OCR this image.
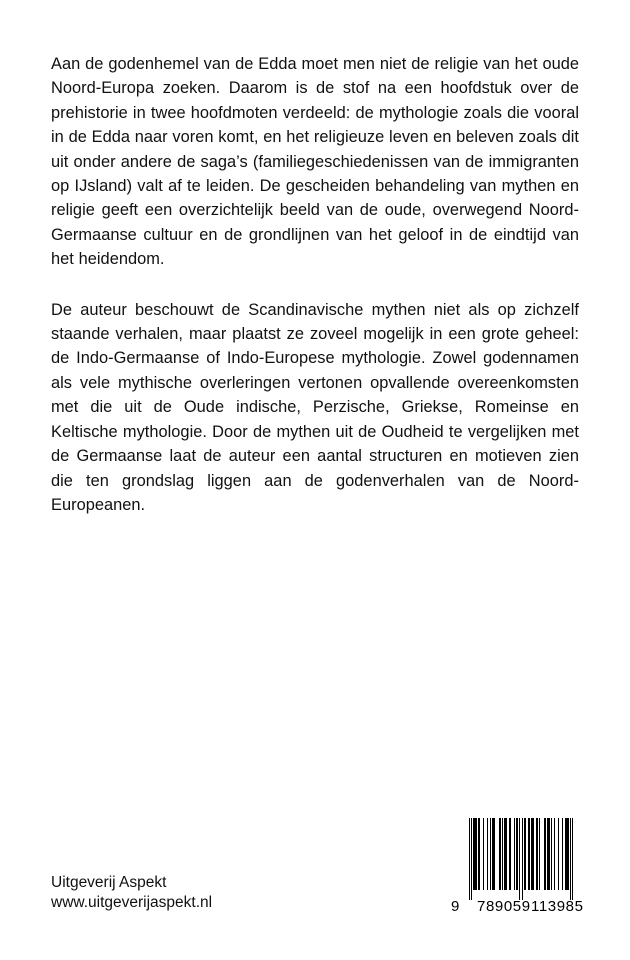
Aan de godenhemel van de Edda moet men niet de religie van het oude Noord-Europa zoeken. Daarom is de stof na een hoofdstuk over de prehistorie in twee hoofdmoten verdeeld: de mythologie zoals die vooral in de Edda naar voren komt, en het religieuze leven en beleven zoals dit uit onder andere de saga’s (familiegeschiedenissen van de immigranten op IJsland) valt af te leiden. De gescheiden behandeling van mythen en religie geeft een overzichtelijk beeld van de oude, overwegend Noord-Germaanse cultuur en de grondlijnen van het geloof in de eindtijd van het heidendom.

De auteur beschouwt de Scandinavische mythen niet als op zichzelf staande verhalen, maar plaatst ze zoveel mogelijk in een grote geheel: de Indo-Germaanse of Indo-Europese mythologie. Zowel godennamen als vele mythische overleringen vertonen opvallende overeenkomsten met die uit de Oude indische, Perzische, Griekse, Romeinse en Keltische mythologie. Door de mythen uit de Oudheid te vergelijken met de Germaanse laat de auteur een aantal structuren en motieven zien die ten grondslag liggen aan de godenverhalen van de Noord-Europeanen.

Uitgeverij Aspekt
www.uitgeverijaspekt.nl	9 789059 113985
